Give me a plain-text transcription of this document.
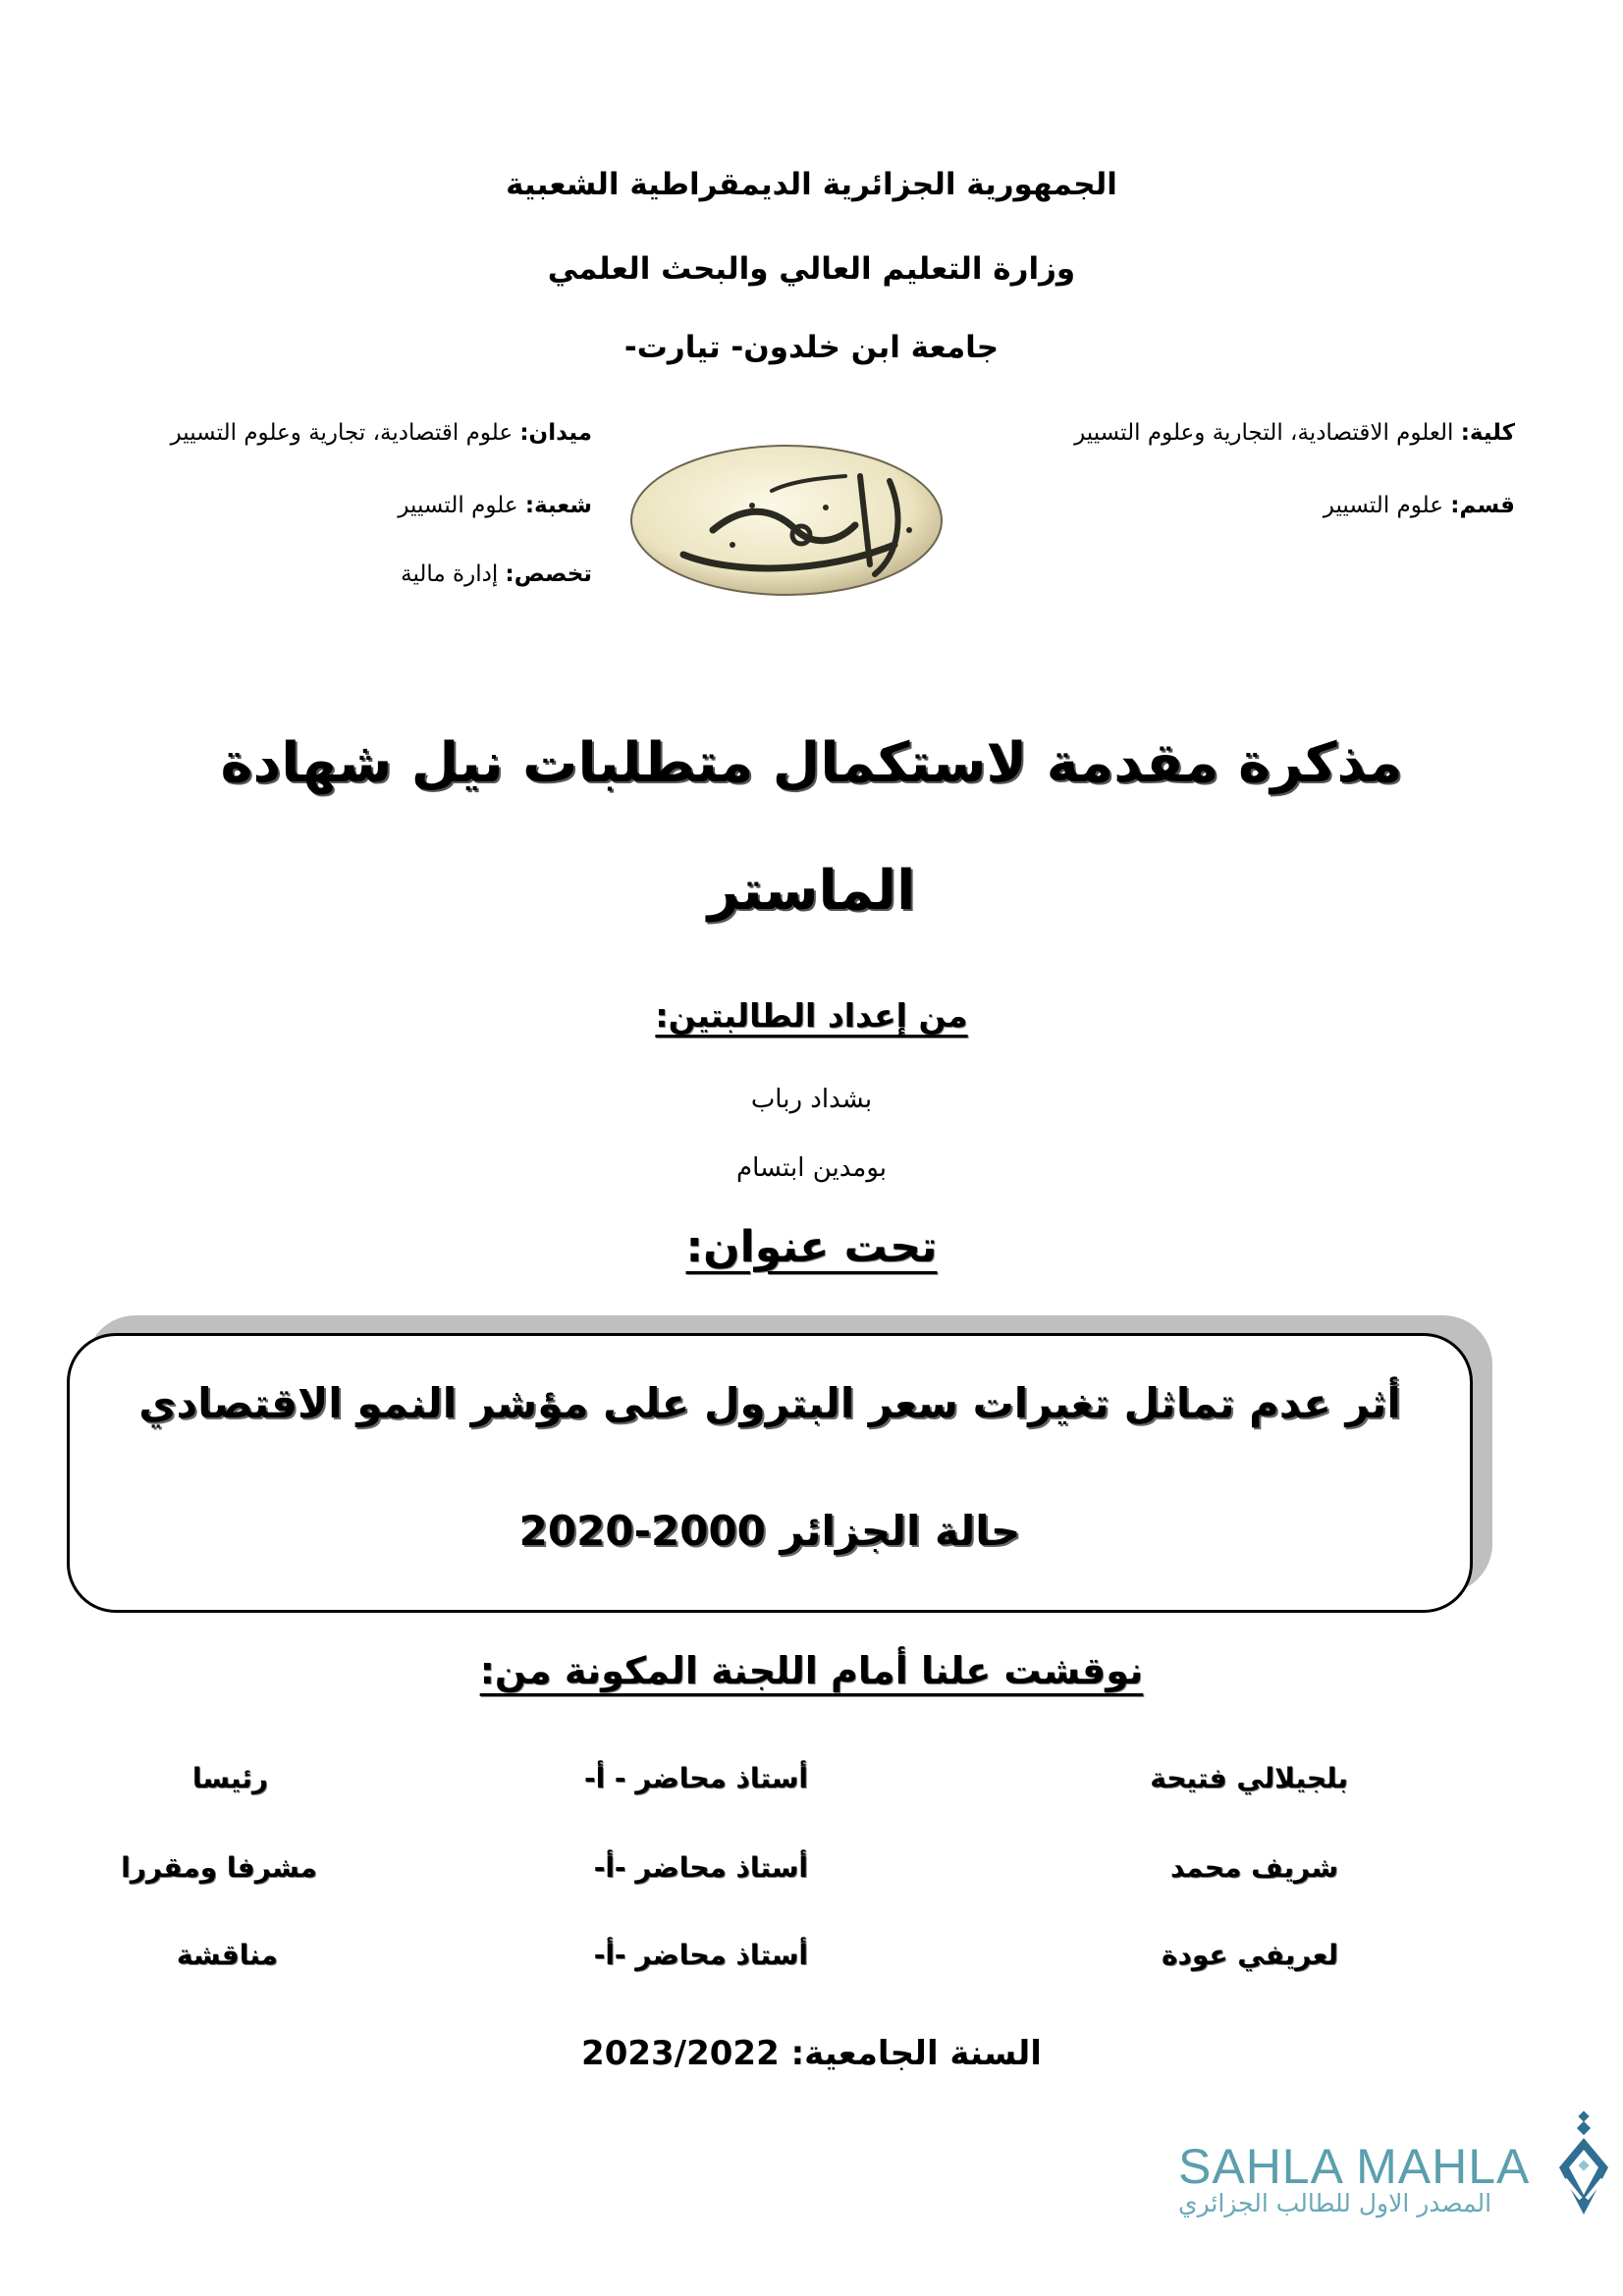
الجمهورية الجزائرية الديمقراطية الشعبية
وزارة التعليم العالي والبحث العلمي
جامعة ابن خلدون- تيارت-
كلية: العلوم الاقتصادية، التجارية وعلوم التسيير
قسم: علوم التسيير
ميدان: علوم اقتصادية، تجارية وعلوم التسيير
شعبة: علوم التسيير
تخصص: إدارة مالية
مذكرة مقدمة لاستكمال متطلبات نيل شهادة
الماستر
من إعداد الطالبتين:
بشداد رباب
بومدين ابتسام
تحت عنوان:
أثر عدم تماثل تغيرات سعر البترول على مؤشر النمو الاقتصادي
حالة الجزائر 2000-2020
نوقشت علنا أمام اللجنة المكونة من:
بلجيلالي فتيحة
أستاذ محاضر - أ-
رئيسا
شريف محمد
أستاذ محاضر -أ-
مشرفا ومقررا
لعريفي عودة
أستاذ محاضر -أ-
مناقشة
السنة الجامعية: 2023/2022
SAHLA MAHLA
المصدر الاول للطالب الجزائري
